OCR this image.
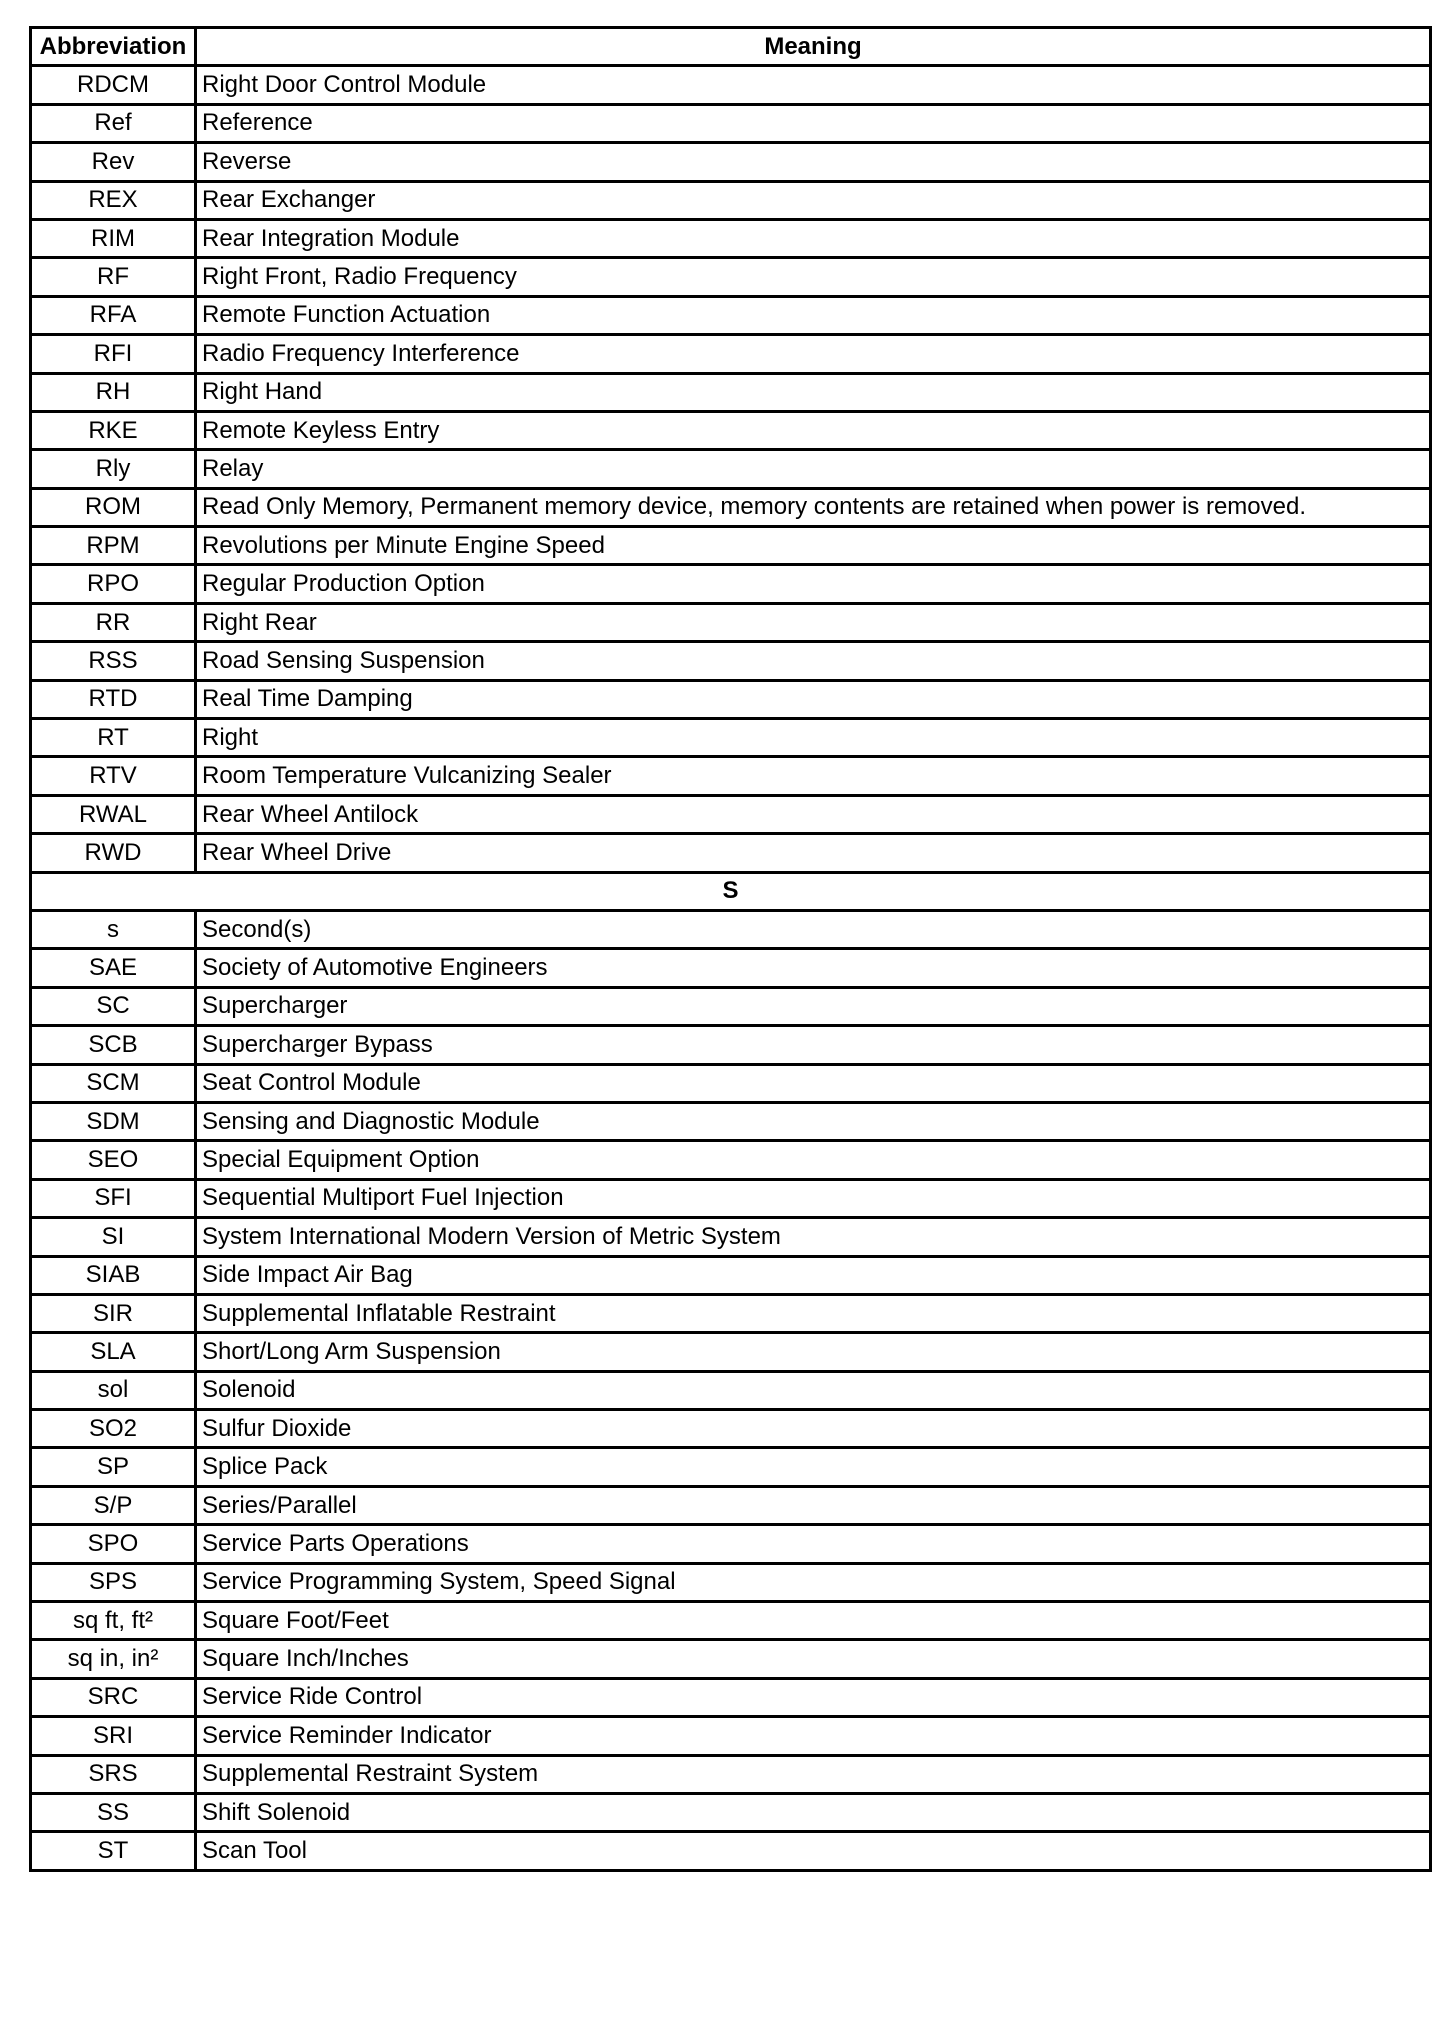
Abbreviation	Meaning
RDCM	Right Door Control Module
Ref	Reference
Rev	Reverse
REX	Rear Exchanger
RIM	Rear Integration Module
RF	Right Front, Radio Frequency
RFA	Remote Function Actuation
RFI	Radio Frequency Interference
RH	Right Hand
RKE	Remote Keyless Entry
Rly	Relay
ROM	Read Only Memory, Permanent memory device, memory contents are retained when power is removed.
RPM	Revolutions per Minute Engine Speed
RPO	Regular Production Option
RR	Right Rear
RSS	Road Sensing Suspension
RTD	Real Time Damping
RT	Right
RTV	Room Temperature Vulcanizing Sealer
RWAL	Rear Wheel Antilock
RWD	Rear Wheel Drive
S	
s	Second(s)
SAE	Society of Automotive Engineers
SC	Supercharger
SCB	Supercharger Bypass
SCM	Seat Control Module
SDM	Sensing and Diagnostic Module
SEO	Special Equipment Option
SFI	Sequential Multiport Fuel Injection
SI	System International Modern Version of Metric System
SIAB	Side Impact Air Bag
SIR	Supplemental Inflatable Restraint
SLA	Short/Long Arm Suspension
sol	Solenoid
SO2	Sulfur Dioxide
SP	Splice Pack
S/P	Series/Parallel
SPO	Service Parts Operations
SPS	Service Programming System, Speed Signal
sq ft, ft²	Square Foot/Feet
sq in, in²	Square Inch/Inches
SRC	Service Ride Control
SRI	Service Reminder Indicator
SRS	Supplemental Restraint System
SS	Shift Solenoid
ST	Scan Tool
